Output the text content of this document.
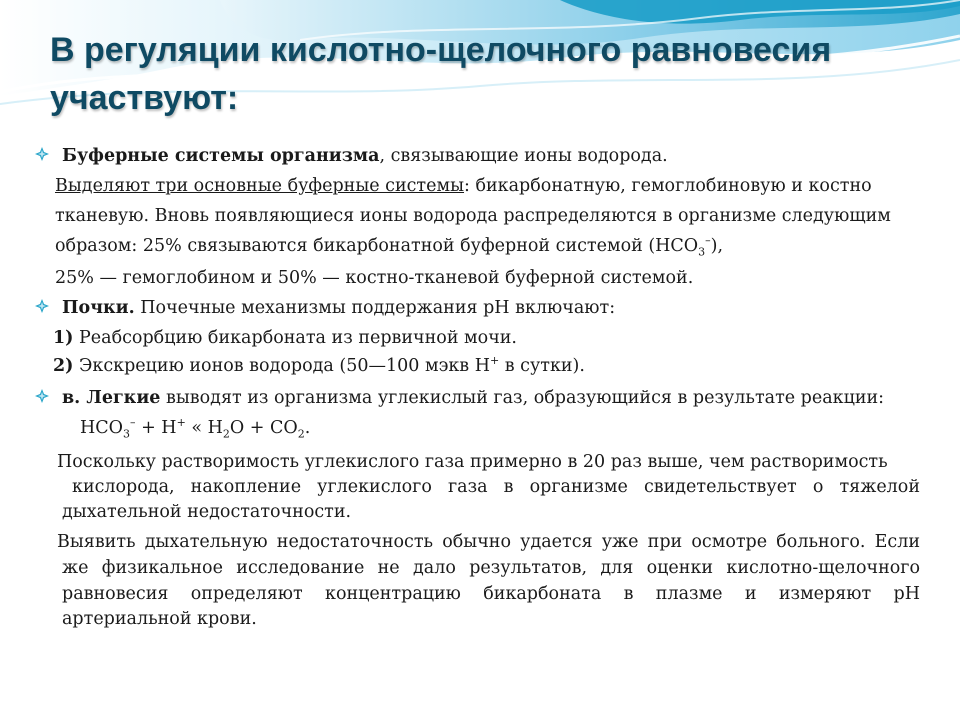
В регуляции кислотно-щелочного равновесия участвуют:
Буферные системы организма, связывающие ионы водорода.
Выделяют три основные буферные системы: бикарбонатную, гемоглобиновую и костно
тканевую. Вновь появляющиеся ионы водорода распределяются в организме следующим
образом: 25% связываются бикарбонатной буферной системой $(НСО_3^-)$,
25% — гемоглобином и 50% — костно-тканевой буферной системой.
Почки. Почечные механизмы поддержания рН включают:
1) Реабсорбцию бикарбоната из первичной мочи.
2) Экскрецию ионов водорода (50—100 мэкв Н+ в сутки).
в. Легкие выводят из организма углекислый газ, образующийся в результате реакции:
$НСО_3^- + Н^+$ « $Н_2О + СО_2$.
Поскольку растворимость углекислого газа примерно в 20 раз выше, чем растворимость
кислорода, накопление углекислого газа в организме свидетельствует о тяжелой
дыхательной недостаточности.
Выявить дыхательную недостаточность обычно удается уже при осмотре больного. Если
же физикальное исследование не дало результатов, для оценки кислотно-щелочного
равновесия определяют концентрацию бикарбоната в плазме и измеряют рН
артериальной крови.
